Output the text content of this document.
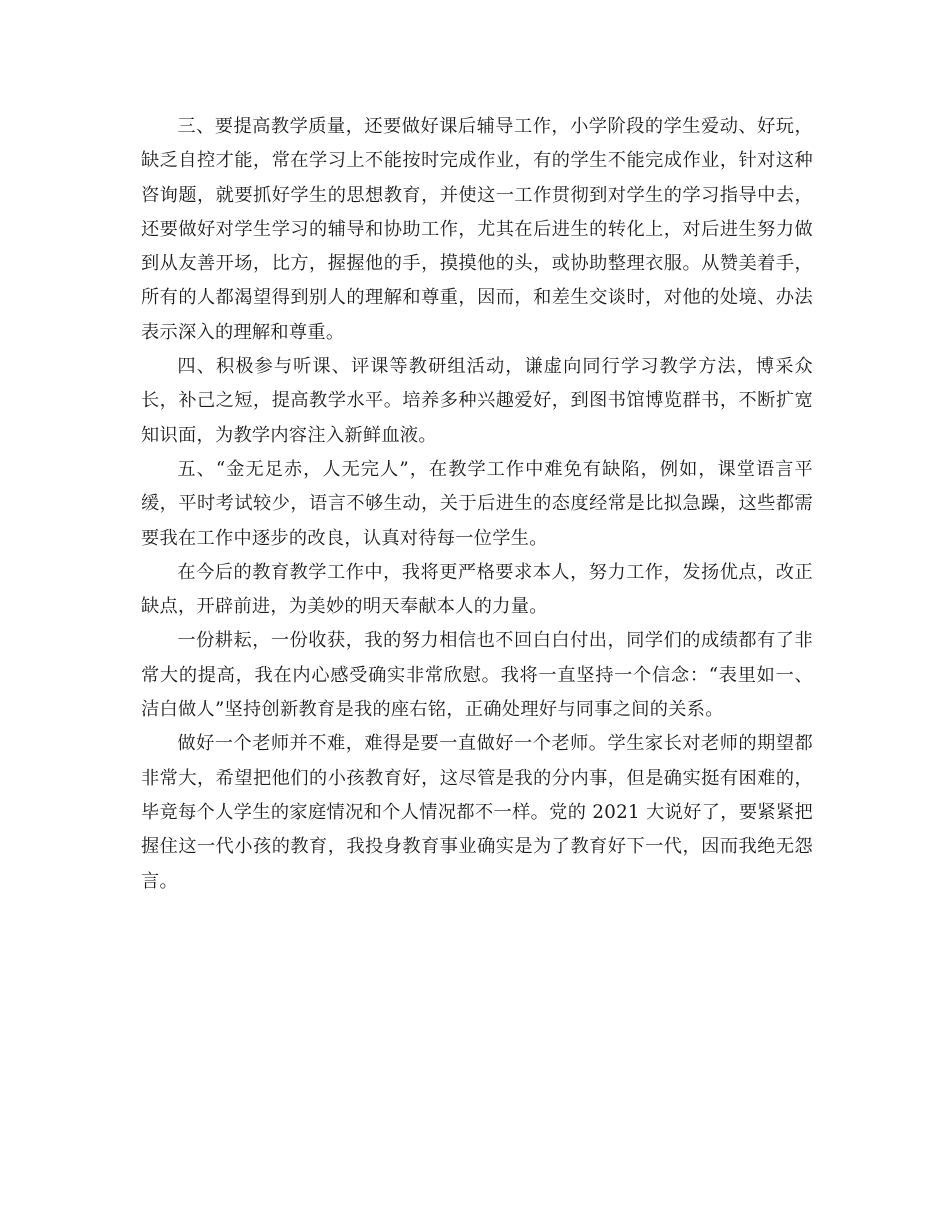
三、要提高教学质量，还要做好课后辅导工作，小学阶段的学生爱动、好玩，缺乏自控才能，常在学习上不能按时完成作业，有的学生不能完成作业，针对这种咨询题，就要抓好学生的思想教育，并使这一工作贯彻到对学生的学习指导中去，还要做好对学生学习的辅导和协助工作，尤其在后进生的转化上，对后进生努力做到从友善开场，比方，握握他的手，摸摸他的头，或协助整理衣服。从赞美着手，所有的人都渴望得到别人的理解和尊重，因而，和差生交谈时，对他的处境、办法表示深入的理解和尊重。

四、积极参与听课、评课等教研组活动，谦虚向同行学习教学方法，博采众长，补己之短，提高教学水平。培养多种兴趣爱好，到图书馆博览群书，不断扩宽知识面，为教学内容注入新鲜血液。

五、“金无足赤，人无完人”，在教学工作中难免有缺陷，例如，课堂语言平缓，平时考试较少，语言不够生动，关于后进生的态度经常是比拟急躁，这些都需要我在工作中逐步的改良，认真对待每一位学生。

在今后的教育教学工作中，我将更严格要求本人，努力工作，发扬优点，改正缺点，开辟前进，为美妙的明天奉献本人的力量。

一份耕耘，一份收获，我的努力相信也不回白白付出，同学们的成绩都有了非常大的提高，我在内心感受确实非常欣慰。我将一直坚持一个信念：“表里如一、洁白做人”坚持创新教育是我的座右铭，正确处理好与同事之间的关系。

做好一个老师并不难，难得是要一直做好一个老师。学生家长对老师的期望都非常大，希望把他们的小孩教育好，这尽管是我的分内事，但是确实挺有困难的，毕竟每个人学生的家庭情况和个人情况都不一样。党的 2021 大说好了，要紧紧把握住这一代小孩的教育，我投身教育事业确实是为了教育好下一代，因而我绝无怨言。
